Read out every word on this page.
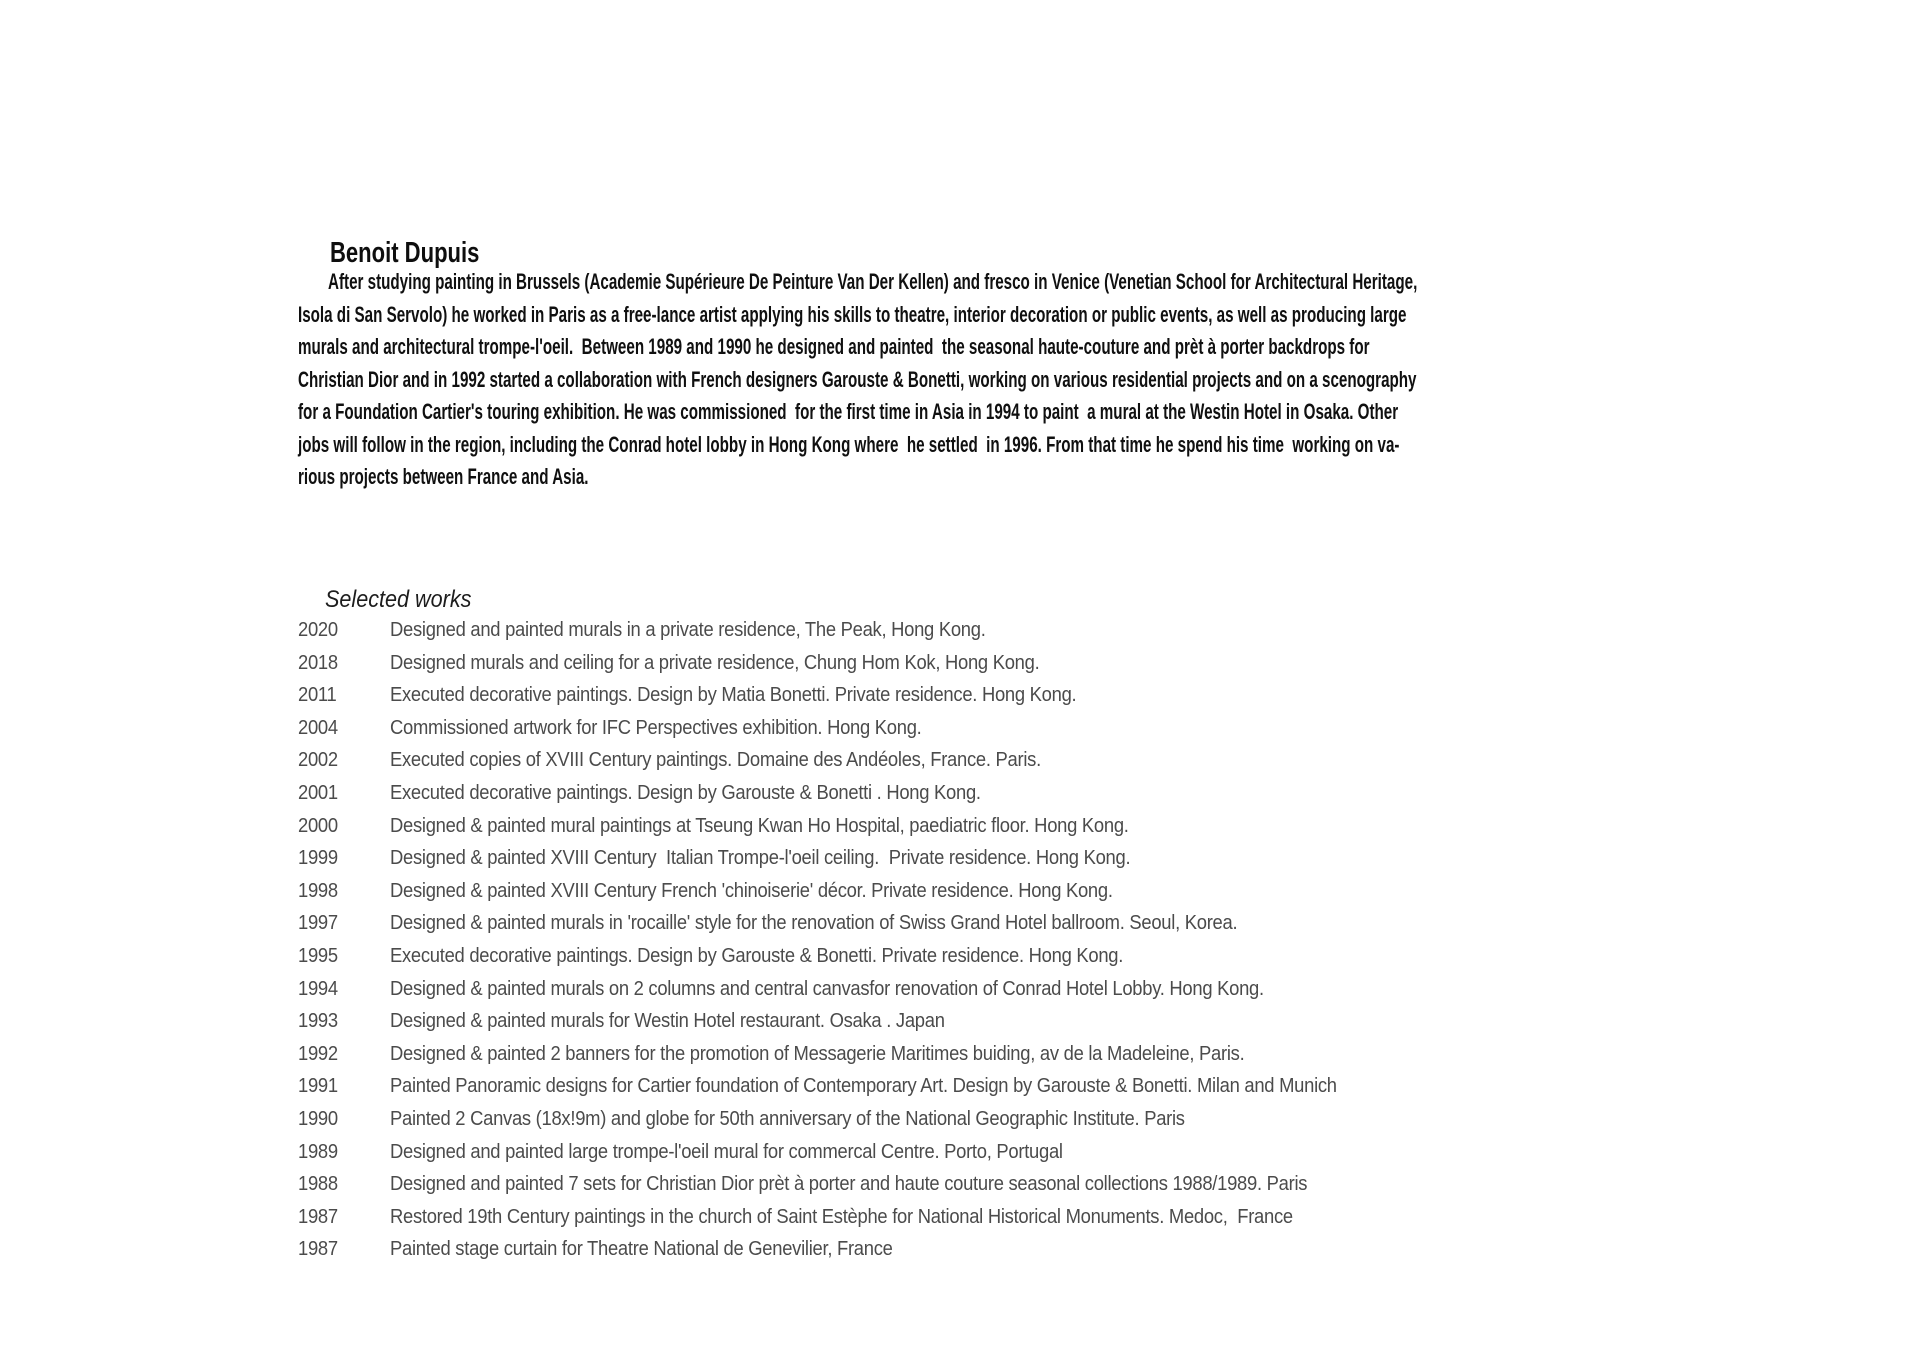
Benoit Dupuis

After studying painting in Brussels (Academie Supérieure De Peinture Van Der Kellen) and fresco in Venice (Venetian School for Architectural Heritage,
Isola di San Servolo) he worked in Paris as a free-lance artist applying his skills to theatre, interior decoration or public events, as well as producing large
murals and architectural trompe-l'oeil.  Between 1989 and 1990 he designed and painted  the seasonal haute-couture and prèt à porter backdrops for
Christian Dior and in 1992 started a collaboration with French designers Garouste & Bonetti, working on various residential projects and on a scenography
for a Foundation Cartier's touring exhibition. He was commissioned  for the first time in Asia in 1994 to paint  a mural at the Westin Hotel in Osaka. Other
jobs will follow in the region, including the Conrad hotel lobby in Hong Kong where  he settled  in 1996. From that time he spend his time  working on va-
rious projects between France and Asia.

Selected works

2020	Designed and painted murals in a private residence, The Peak, Hong Kong.
2018	Designed murals and ceiling for a private residence, Chung Hom Kok, Hong Kong.
2011	Executed decorative paintings. Design by Matia Bonetti. Private residence. Hong Kong.
2004	Commissioned artwork for IFC Perspectives exhibition. Hong Kong.
2002	Executed copies of XVIII Century paintings. Domaine des Andéoles, France. Paris.
2001	Executed decorative paintings. Design by Garouste & Bonetti . Hong Kong.
2000	Designed & painted mural paintings at Tseung Kwan Ho Hospital, paediatric floor. Hong Kong.
1999	Designed & painted XVIII Century  Italian Trompe-l'oeil ceiling.  Private residence. Hong Kong.
1998	Designed & painted XVIII Century French 'chinoiserie' décor. Private residence. Hong Kong.
1997	Designed & painted murals in 'rocaille' style for the renovation of Swiss Grand Hotel ballroom. Seoul, Korea.
1995	Executed decorative paintings. Design by Garouste & Bonetti. Private residence. Hong Kong.
1994	Designed & painted murals on 2 columns and central canvasfor renovation of Conrad Hotel Lobby. Hong Kong.
1993	Designed & painted murals for Westin Hotel restaurant. Osaka . Japan
1992	Designed & painted 2 banners for the promotion of Messagerie Maritimes buiding, av de la Madeleine, Paris.
1991	Painted Panoramic designs for Cartier foundation of Contemporary Art. Design by Garouste & Bonetti. Milan and Munich
1990	Painted 2 Canvas (18x!9m) and globe for 50th anniversary of the National Geographic Institute. Paris
1989	Designed and painted large trompe-l'oeil mural for commercal Centre. Porto, Portugal
1988	Designed and painted 7 sets for Christian Dior prèt à porter and haute couture seasonal collections 1988/1989. Paris
1987	Restored 19th Century paintings in the church of Saint Estèphe for National Historical Monuments. Medoc,  France
1987	Painted stage curtain for Theatre National de Genevilier, France
